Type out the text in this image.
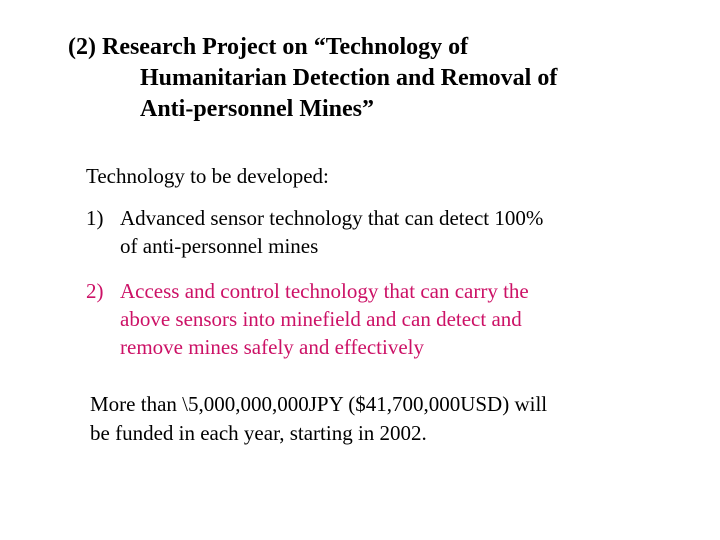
(2) Research Project on “Technology of
Humanitarian Detection and Removal of
Anti-personnel Mines”
Technology to be developed:
1) Advanced sensor technology that can detect 100%
of anti-personnel mines
2) Access and control technology that can carry the
above sensors into minefield and can detect and
remove mines safely and effectively
More than \5,000,000,000JPY ($41,700,000USD) will
be funded in each year, starting in 2002.
